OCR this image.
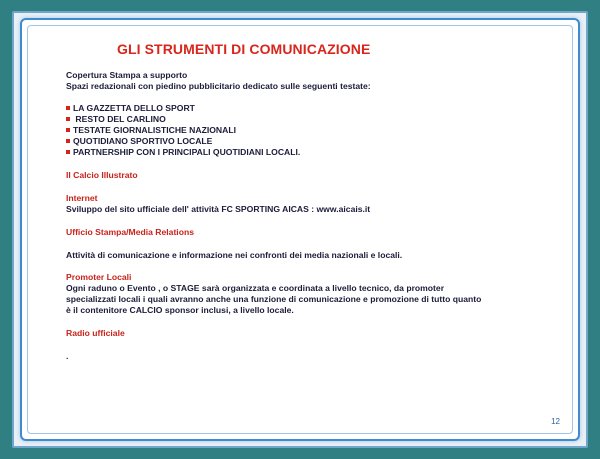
GLI STRUMENTI DI COMUNICAZIONE
Copertura Stampa a supporto
Spazi redazionali con piedino pubblicitario dedicato sulle seguenti testate:
LA GAZZETTA DELLO SPORT
RESTO DEL CARLINO
TESTATE GIORNALISTICHE NAZIONALI
QUOTIDIANO SPORTIVO LOCALE
PARTNERSHIP CON I PRINCIPALI QUOTIDIANI LOCALI.
Il Calcio Illustrato
Internet
Sviluppo del sito ufficiale dell' attività FC SPORTING AICAS : www.aicais.it
Ufficio Stampa/Media Relations
Attività di comunicazione e informazione nei confronti dei media nazionali e locali.
Promoter Locali
Ogni raduno o Evento , o STAGE sarà organizzata e coordinata a livello tecnico, da promoter
specializzati locali i quali avranno anche una funzione di comunicazione e promozione di tutto quanto
è il contenitore CALCIO sponsor inclusi, a livello locale.
Radio ufficiale
.
12
